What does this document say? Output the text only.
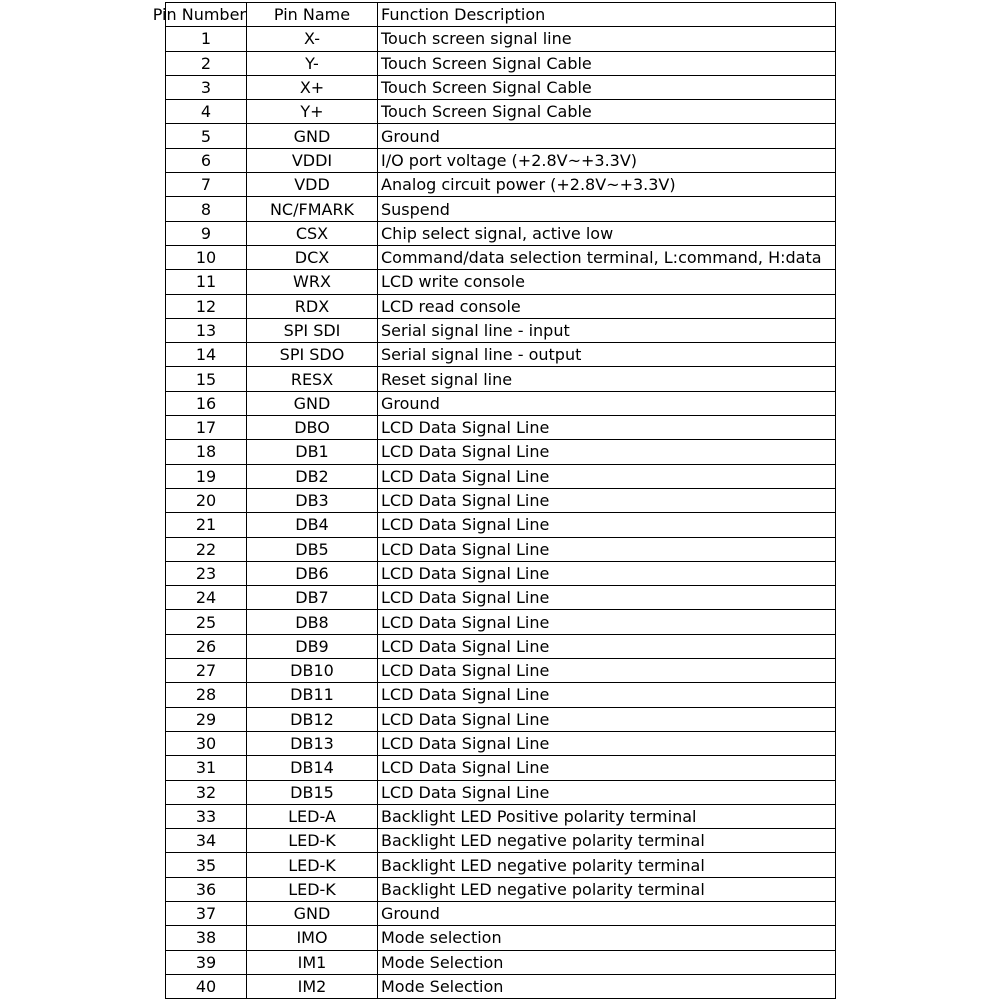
Pin Number	Pin Name	Function Description
1	X-	Touch screen signal line
2	Y-	Touch Screen Signal Cable
3	X+	Touch Screen Signal Cable
4	Y+	Touch Screen Signal Cable
5	GND	Ground
6	VDDI	I/O port voltage (+2.8V~+3.3V)
7	VDD	Analog circuit power (+2.8V~+3.3V)
8	NC/FMARK	Suspend
9	CSX	Chip select signal, active low
10	DCX	Command/data selection terminal, L:command, H:data
11	WRX	LCD write console
12	RDX	LCD read console
13	SPI SDI	Serial signal line - input
14	SPI SDO	Serial signal line - output
15	RESX	Reset signal line
16	GND	Ground
17	DBO	LCD Data Signal Line
18	DB1	LCD Data Signal Line
19	DB2	LCD Data Signal Line
20	DB3	LCD Data Signal Line
21	DB4	LCD Data Signal Line
22	DB5	LCD Data Signal Line
23	DB6	LCD Data Signal Line
24	DB7	LCD Data Signal Line
25	DB8	LCD Data Signal Line
26	DB9	LCD Data Signal Line
27	DB10	LCD Data Signal Line
28	DB11	LCD Data Signal Line
29	DB12	LCD Data Signal Line
30	DB13	LCD Data Signal Line
31	DB14	LCD Data Signal Line
32	DB15	LCD Data Signal Line
33	LED-A	Backlight LED Positive polarity terminal
34	LED-K	Backlight LED negative polarity terminal
35	LED-K	Backlight LED negative polarity terminal
36	LED-K	Backlight LED negative polarity terminal
37	GND	Ground
38	IMO	Mode selection
39	IM1	Mode Selection
40	IM2	Mode Selection
